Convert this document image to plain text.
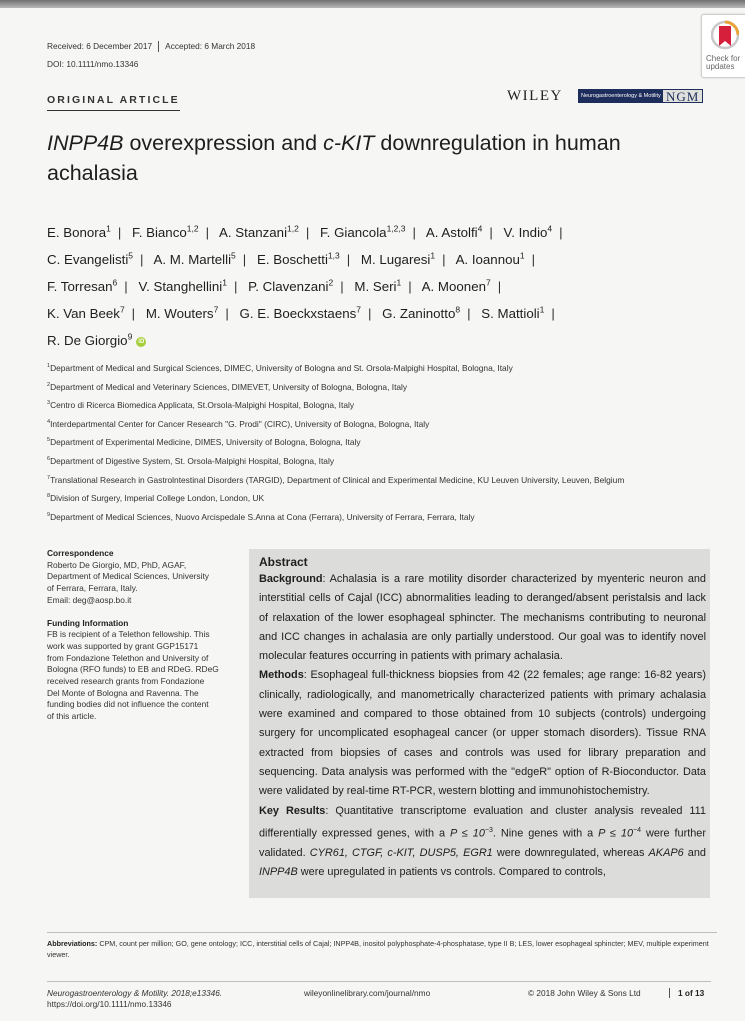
Received: 6 December 2017 Accepted: 6 March 2018
DOI: 10.1111/nmo.13346
Check for
updates
ORIGINAL ARTICLE	WILEY	Neurogastroenterology & Motility NGM
INPP4B overexpression and c-KIT downregulation in human achalasia
E. Bonora$^1$ | F. Bianco$^{1,2}$ | A. Stanzani$^{1,2}$ | F. Giancola$^{1,2,3}$ | A. Astolfi$^4$ | V. Indio$^4$ |
C. Evangelisti$^5$ | A. M. Martelli$^5$ | E. Boschetti$^{1,3}$ | M. Lugaresi$^1$ | A. Ioannou$^1$ |
F. Torresan$^6$ | V. Stanghellini$^1$ | P. Clavenzani$^2$ | M. Seri$^1$ | A. Moonen$^7$ |
K. Van Beek$^7$ | M. Wouters$^7$ | G. E. Boeckxstaens$^7$ | G. Zaninotto$^8$ | S. Mattioli$^1$ |
R. De Giorgio$^9$iD
$^1$Department of Medical and Surgical Sciences, DIMEC, University of Bologna and St. Orsola-Malpighi Hospital, Bologna, Italy
$^2$Department of Medical and Veterinary Sciences, DIMEVET, University of Bologna, Bologna, Italy
$^3$Centro di Ricerca Biomedica Applicata, St.Orsola-Malpighi Hospital, Bologna, Italy
$^4$Interdepartmental Center for Cancer Research "G. Prodi" (CIRC), University of Bologna, Bologna, Italy
$^5$Department of Experimental Medicine, DIMES, University of Bologna, Bologna, Italy
$^6$Department of Digestive System, St. Orsola-Malpighi Hospital, Bologna, Italy
$^7$Translational Research in Gastrolntestinal Disorders (TARGID), Department of Clinical and Experimental Medicine, KU Leuven University, Leuven, Belgium
$^8$Division of Surgery, Imperial College London, London, UK
$^9$Department of Medical Sciences, Nuovo Arcispedale S.Anna at Cona (Ferrara), University of Ferrara, Ferrara, Italy
Correspondence

Roberto De Giorgio, MD, PhD, AGAF,
Department of Medical Sciences, University
of Ferrara, Ferrara, Italy.
Email: deg@aosp.bo.it

Funding Information

FB is recipient of a Telethon fellowship. This
work was supported by grant GGP15171
from Fondazione Telethon and University of
Bologna (RFO funds) to EB and RDeG. RDeG
received research grants from Fondazione
Del Monte of Bologna and Ravenna. The
funding bodies did not influence the content
of this article.

Abstract

Background: Achalasia is a rare motility disorder characterized by myenteric neuron and interstitial cells of Cajal (ICC) abnormalities leading to deranged/absent peristalsis and lack of relaxation of the lower esophageal sphincter. The mechanisms contributing to neuronal and ICC changes in achalasia are only partially understood. Our goal was to identify novel molecular features occurring in patients with primary achalasia.

Methods: Esophageal full-thickness biopsies from 42 (22 females; age range: 16-82 years) clinically, radiologically, and manometrically characterized patients with primary achalasia were examined and compared to those obtained from 10 subjects (controls) undergoing surgery for uncomplicated esophageal cancer (or upper stomach disorders). Tissue RNA extracted from biopsies of cases and controls was used for library preparation and sequencing. Data analysis was performed with the "edgeR" option of R-Bioconductor. Data were validated by real-time RT-PCR, western blotting and immunohistochemistry.

Key Results: Quantitative transcriptome evaluation and cluster analysis revealed 111 differentially expressed genes, with a $P \le 10^{-3}$. Nine genes with a $P \le 10^{-4}$ were further validated. CYR61, CTGF, c-KIT, DUSP5, EGR1 were downregulated, whereas AKAP6 and INPP4B were upregulated in patients vs controls. Compared to controls,

Abbreviations: CPM, count per million; GO, gene ontology; ICC, interstitial cells of Cajal; INPP4B, inositol polyphosphate-4-phosphatase, type II B; LES, lower esophageal sphincter; MEV, multiple experiment viewer.
Neurogastroenterology & Motility. 2018;e13346.
https://doi.org/10.1111/nmo.13346
wileyonlinelibrary.com/journal/nmo	© 2018 John Wiley & Sons Ltd	1 of 13
